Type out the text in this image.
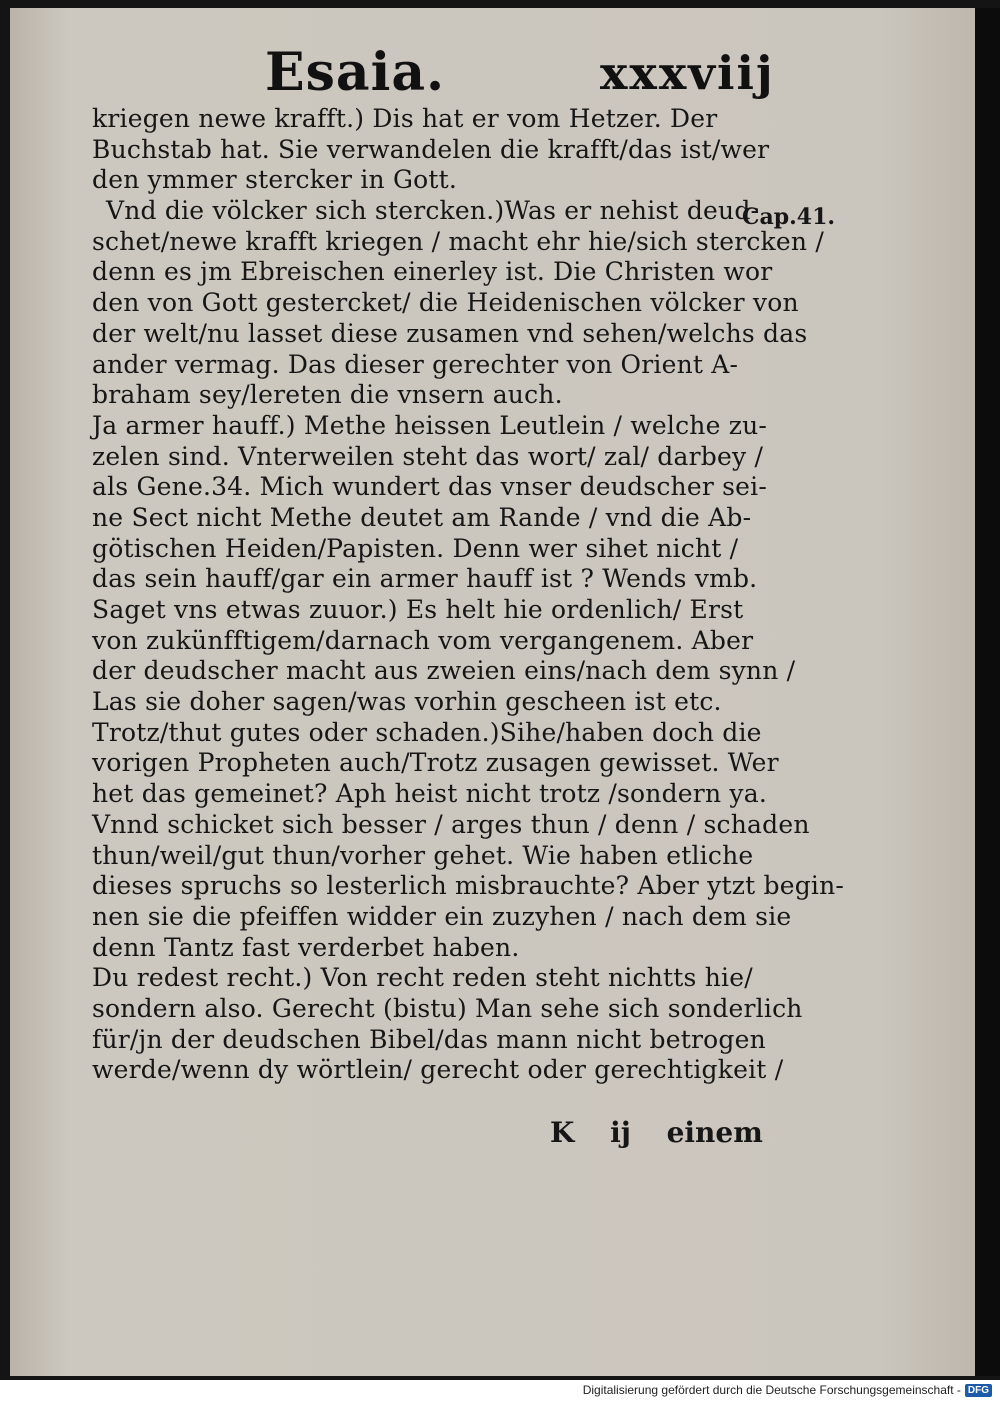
Esaia.	xxxviij
kriegen newe krafft.) Dis hat er vom Hetzer. Der
Buchstab hat. Sie verwandelen die krafft/das ist/wer
den ymmer stercker in Gott.
Vnd die völcker sich stercken.)Was er nehist deud-
schet/newe krafft kriegen / macht ehr hie/sich stercken /
denn es jm Ebreischen einerley ist. Die Christen wor
den von Gott gestercket/ die Heidenischen völcker von
der welt/nu lasset diese zusamen vnd sehen/welchs das
ander vermag. Das dieser gerechter von Orient A-
braham sey/lereten die vnsern auch.
Ja armer hauff.) Methe heissen Leutlein / welche zu-
zelen sind. Vnterweilen steht das wort/ zal/ darbey /
als Gene.34. Mich wundert das vnser deudscher sei-
ne Sect nicht Methe deutet am Rande / vnd die Ab-
götischen Heiden/Papisten. Denn wer sihet nicht /
das sein hauff/gar ein armer hauff ist ? Wends vmb.
Saget vns etwas zuuor.) Es helt hie ordenlich/ Erst
von zukünfftigem/darnach vom vergangenem. Aber
der deudscher macht aus zweien eins/nach dem synn /
Las sie doher sagen/was vorhin gescheen ist etc.
Trotz/thut gutes oder schaden.)Sihe/haben doch die
vorigen Propheten auch/Trotz zusagen gewisset. Wer
het das gemeinet? Aph heist nicht trotz /sondern ya.
Vnnd schicket sich besser / arges thun / denn / schaden
thun/weil/gut thun/vorher gehet. Wie haben etliche
dieses spruchs so lesterlich misbrauchte? Aber ytzt begin-
nen sie die pfeiffen widder ein zuzyhen / nach dem sie
denn Tantz fast verderbet haben.
Du redest recht.) Von recht reden steht nichtts hie/
sondern also. Gerecht (bistu) Man sehe sich sonderlich
für/jn der deudschen Bibel/das mann nicht betrogen
werde/wenn dy wörtlein/ gerecht oder gerechtigkeit /
Cap.41.
K ij einem
Digitalisierung gefördert durch die Deutsche Forschungsgemeinschaft - DFG
